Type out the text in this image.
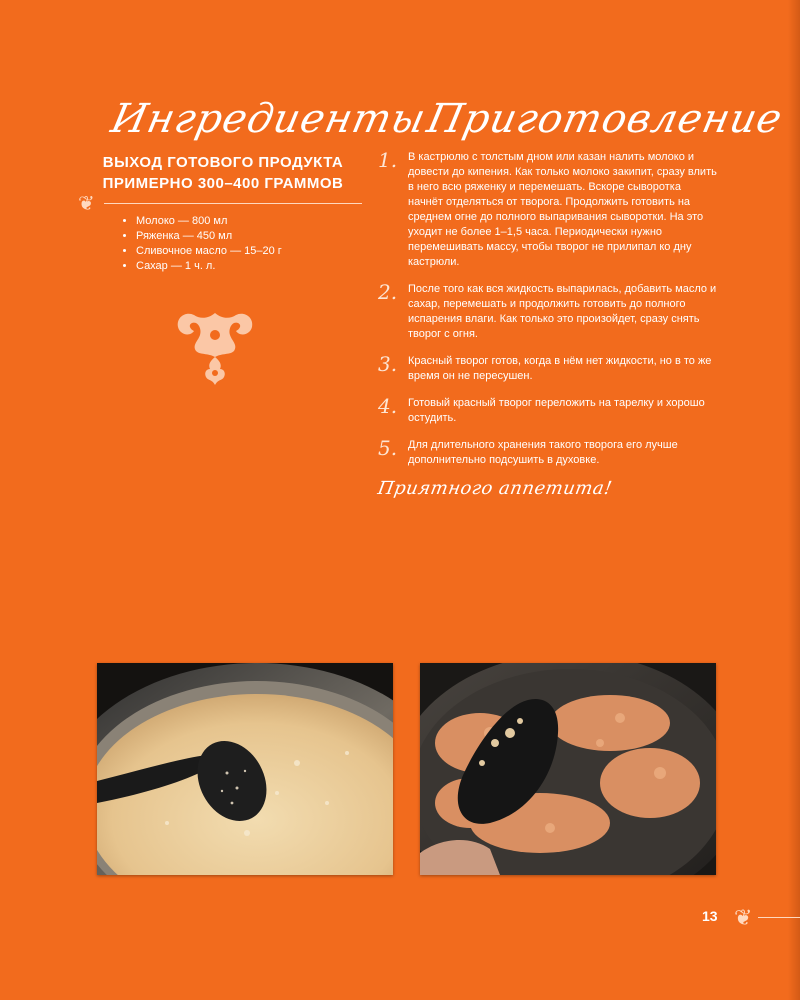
Ингредиенты
Приготовление
ВЫХОД ГОТОВОГО ПРОДУКТА
ПРИМЕРНО 300–400 ГРАММОВ
❦
• Молоко — 800 мл
• Ряженка — 450 мл
• Сливочное масло — 15–20 г
• Сахар — 1 ч. л.
1. В кастрюлю с толстым дном или казан налить молоко и довести до кипения. Как только молоко закипит, сразу влить в него всю ряженку и перемешать. Вскоре сыворотка начнёт отделяться от творога. Продолжить готовить на среднем огне до полного выпаривания сыворотки. На это уходит не более 1–1,5 часа. Периодически нужно перемешивать массу, чтобы творог не прилипал ко дну кастрюли.
2. После того как вся жидкость выпарилась, добавить масло и сахар, перемешать и продолжить готовить до полного испарения влаги. Как только это произойдет, сразу снять творог с огня.
3. Красный творог готов, когда в нём нет жидкости, но в то же время он не пересушен.
4. Готовый красный творог переложить на тарелку и хорошо остудить.
5. Для длительного хранения такого творога его лучше дополнительно подсушить в духовке.
Приятного аппетита!
13 ❦
